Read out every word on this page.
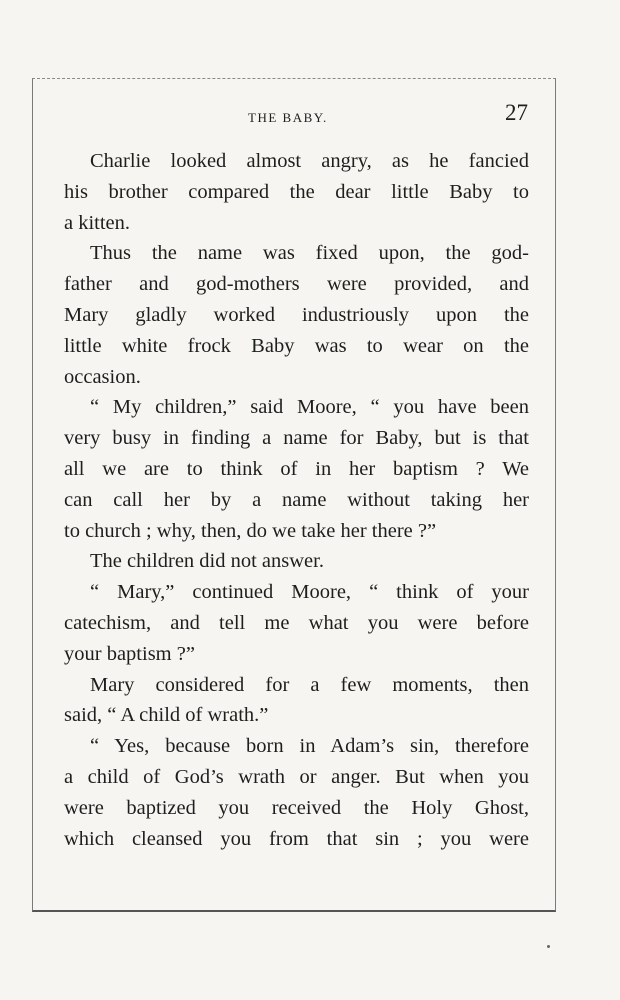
THE BABY.	27
Charlie looked almost angry, as he fancied
his brother compared the dear little Baby to
a kitten.
Thus the name was fixed upon, the god-
father and god-mothers were provided, and
Mary gladly worked industriously upon the
little white frock Baby was to wear on the
occasion.
“ My children,” said Moore, “ you have been
very busy in finding a name for Baby, but is that
all we are to think of in her baptism ? We
can call her by a name without taking her
to church ; why, then, do we take her there ?”
The children did not answer.
“ Mary,” continued Moore, “ think of your
catechism, and tell me what you were before
your baptism ?”
Mary considered for a few moments, then
said, “ A child of wrath.”
“ Yes, because born in Adam’s sin, therefore
a child of God’s wrath or anger. But when you
were baptized you received the Holy Ghost,
which cleansed you from that sin ; you were
